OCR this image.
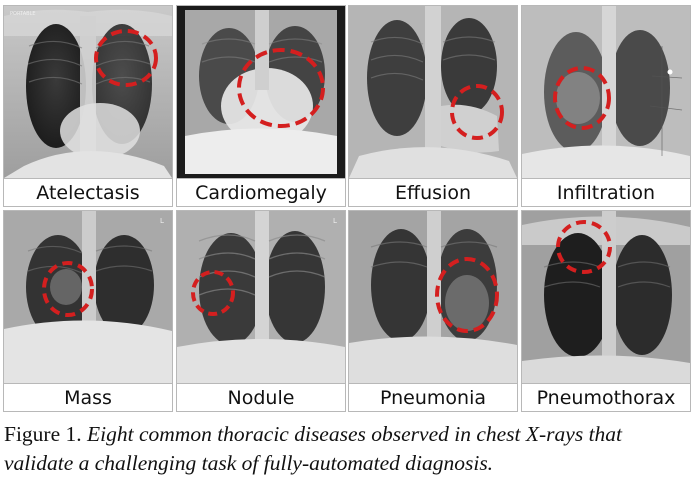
PORTABLE
Atelectasis	Cardiomegaly	Effusion	Infiltration
L
Mass
L
Nodule	Pneumonia	Pneumothorax
Figure 1. Eight common thoracic diseases observed in chest X-rays that validate a challenging task of fully-automated diagnosis.
